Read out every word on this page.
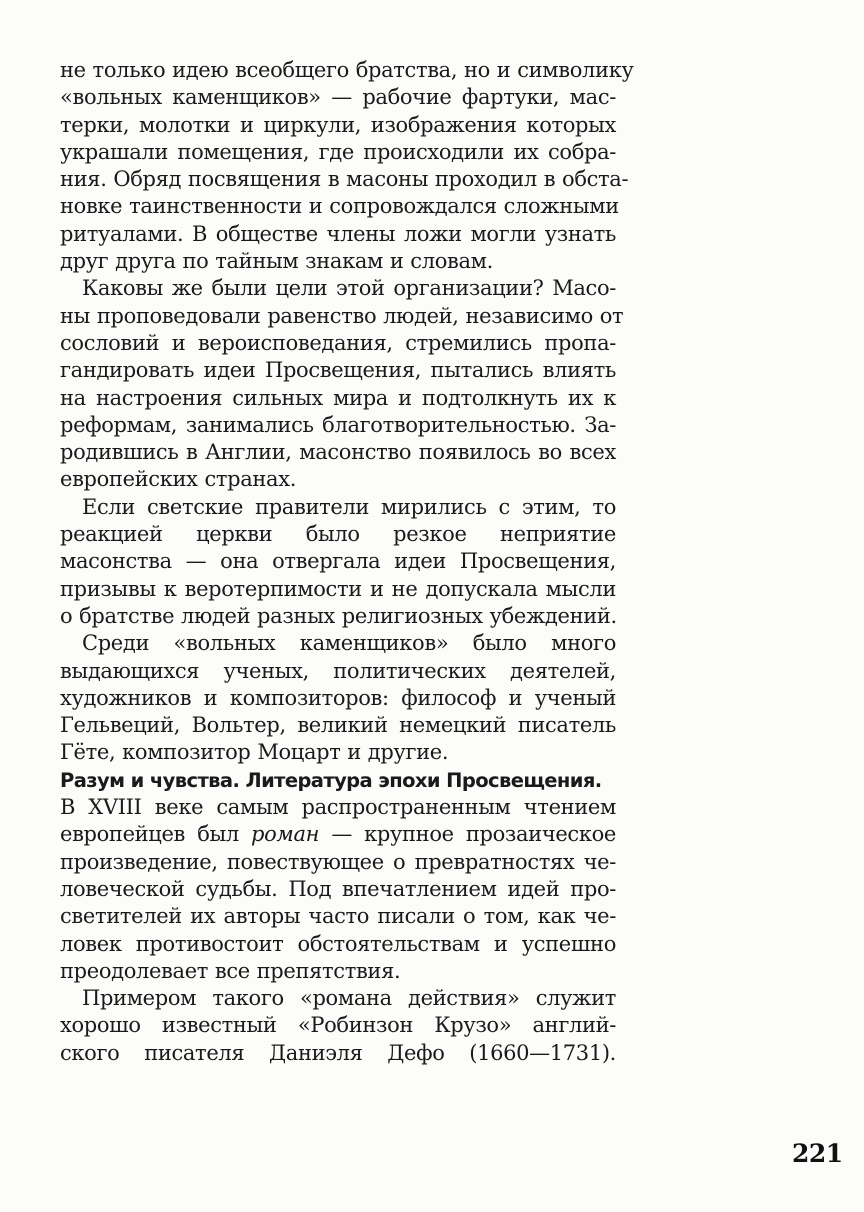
не только идею всеобщего братства, но и символику
«вольных каменщиков» — рабочие фартуки, мас-
терки, молотки и циркули, изображения которых
украшали помещения, где происходили их собра-
ния. Обряд посвящения в масоны проходил в обста-
новке таинственности и сопровождался сложными
ритуалами. В обществе члены ложи могли узнать
друг друга по тайным знакам и словам.
Каковы же были цели этой организации? Масо-
ны проповедовали равенство людей, независимо от
сословий и вероисповедания, стремились пропа-
гандировать идеи Просвещения, пытались влиять
на настроения сильных мира и подтолкнуть их к
реформам, занимались благотворительностью. За-
родившись в Англии, масонство появилось во всех
европейских странах.
Если светские правители мирились с этим, то
реакцией церкви было резкое неприятие
масонства — она отвергала идеи Просвещения,
призывы к веротерпимости и не допускала мысли
о братстве людей разных религиозных убеждений.
Среди «вольных каменщиков» было много
выдающихся ученых, политических деятелей,
художников и композиторов: философ и ученый
Гельвеций, Вольтер, великий немецкий писатель
Гёте, композитор Моцарт и другие.
Разум и чувства. Литература эпохи Просвещения.
В XVIII веке самым распространенным чтением
европейцев был роман — крупное прозаическое
произведение, повествующее о превратностях че-
ловеческой судьбы. Под впечатлением идей про-
светителей их авторы часто писали о том, как че-
ловек противостоит обстоятельствам и успешно
преодолевает все препятствия.
Примером такого «романа действия» служит
хорошо известный «Робинзон Крузо» англий-
ского писателя Даниэля Дефо (1660—1731).
221
